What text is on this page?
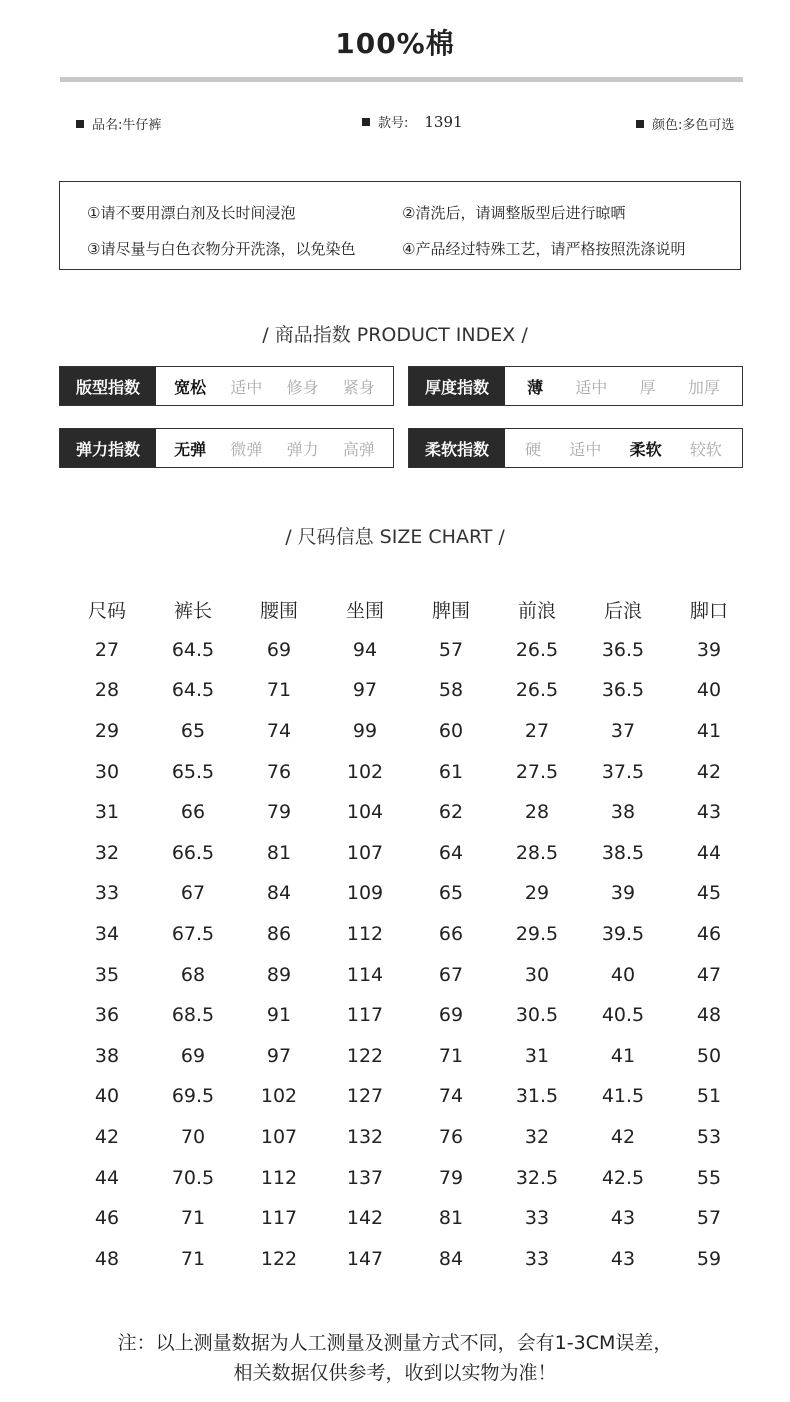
100%棉
品名:牛仔裤	款号: 1391	颜色:多色可选
①请不要用漂白剂及长时间浸泡	②清洗后，请调整版型后进行晾晒
③请尽量与白色衣物分开洗涤，以免染色	④产品经过特殊工艺，请严格按照洗涤说明
/ 商品指数 PRODUCT INDEX /
版型指数	宽松 适中 修身 紧身	厚度指数	薄 适中 厚 加厚
弹力指数	无弹 微弹 弹力 高弹	柔软指数	硬 适中 柔软 较软
/ 尺码信息 SIZE CHART /
尺码	裤长	腰围	坐围	脾围	前浪	后浪	脚口
27	64.5	69	94	57	26.5	36.5	39
28	64.5	71	97	58	26.5	36.5	40
29	65	74	99	60	27	37	41
30	65.5	76	102	61	27.5	37.5	42
31	66	79	104	62	28	38	43
32	66.5	81	107	64	28.5	38.5	44
33	67	84	109	65	29	39	45
34	67.5	86	112	66	29.5	39.5	46
35	68	89	114	67	30	40	47
36	68.5	91	117	69	30.5	40.5	48
38	69	97	122	71	31	41	50
40	69.5	102	127	74	31.5	41.5	51
42	70	107	132	76	32	42	53
44	70.5	112	137	79	32.5	42.5	55
46	71	117	142	81	33	43	57
48	71	122	147	84	33	43	59
注：以上测量数据为人工测量及测量方式不同，会有1-3CM误差，
相关数据仅供参考，收到以实物为准！
